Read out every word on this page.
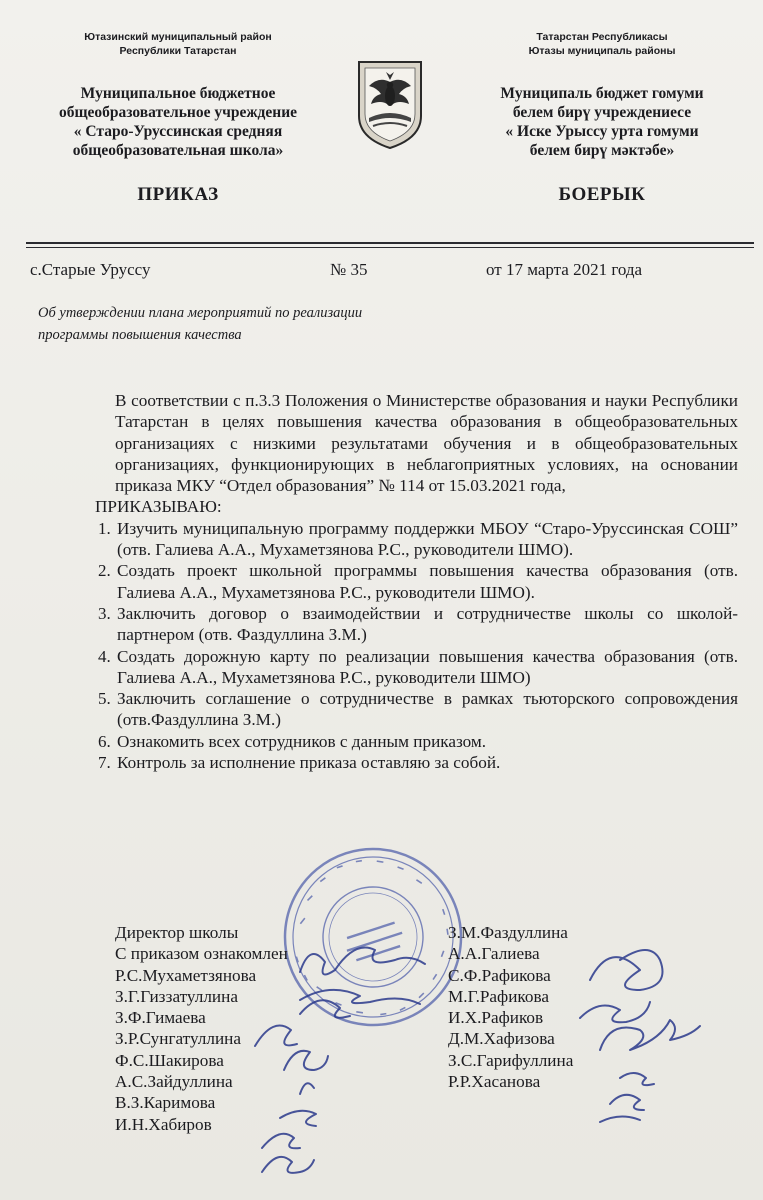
Ютазинский муниципальный район
Республики Татарстан
Муниципальное бюджетное
общеобразовательное учреждение
« Старо-Урусcинская средняя
общеобразовательная школа»
ПРИКАЗ
Татарстан Республикасы
Ютазы муниципаль районы
Муниципаль бюджет гомуми
белем бирү учреждениесе
« Иске Урыссу урта гомуми
белем бирү мәктәбе»
БОЕРЫК
с.Старые Уруссу	№ 35	от 17 марта 2021 года
Об утверждении плана мероприятий по реализации
программы повышения качества

В соответствии с п.3.3 Положения о Министерстве образования и науки Республики Татарстан в целях повышения качества образования в общеобразовательных организациях с низкими результатами обучения и в общеобразовательных организациях, функционирующих в неблагоприятных условиях, на основании приказа МКУ “Отдел образования” № 114 от 15.03.2021 года,

ПРИКАЗЫВАЮ:

1. Изучить муниципальную программу поддержки МБОУ “Старо-Урусcинская СОШ” (отв. Галиева А.А., Мухаметзянова Р.С., руководители ШМО).
2. Создать проект школьной программы повышения качества образования (отв. Галиева А.А., Мухаметзянова Р.С., руководители ШМО).
3. Заключить договор о взаимодействии и сотрудничестве школы со школой-партнером (отв. Фаздуллина З.М.)
4. Создать дорожную карту по реализации повышения качества образования (отв. Галиева А.А., Мухаметзянова Р.С., руководители ШМО)
5. Заключить соглашение о сотрудничестве в рамках тьюторского сопровождения (отв.Фаздуллина З.М.)
6. Ознакомить всех сотрудников с данным приказом.
7. Контроль за исполнение приказа оставляю за собой.
Директор школы
С приказом ознакомлен
Р.С.Мухаметзянова
З.Г.Гиззатуллина
З.Ф.Гимаева
З.Р.Сунгатуллина
Ф.С.Шакирова
А.С.Зайдуллина
В.З.Каримова
И.Н.Хабиров
З.М.Фаздуллина
А.А.Галиева
С.Ф.Рафикова
М.Г.Рафикова
И.Х.Рафиков
Д.М.Хафизова
З.С.Гарифуллина
Р.Р.Хасанова
